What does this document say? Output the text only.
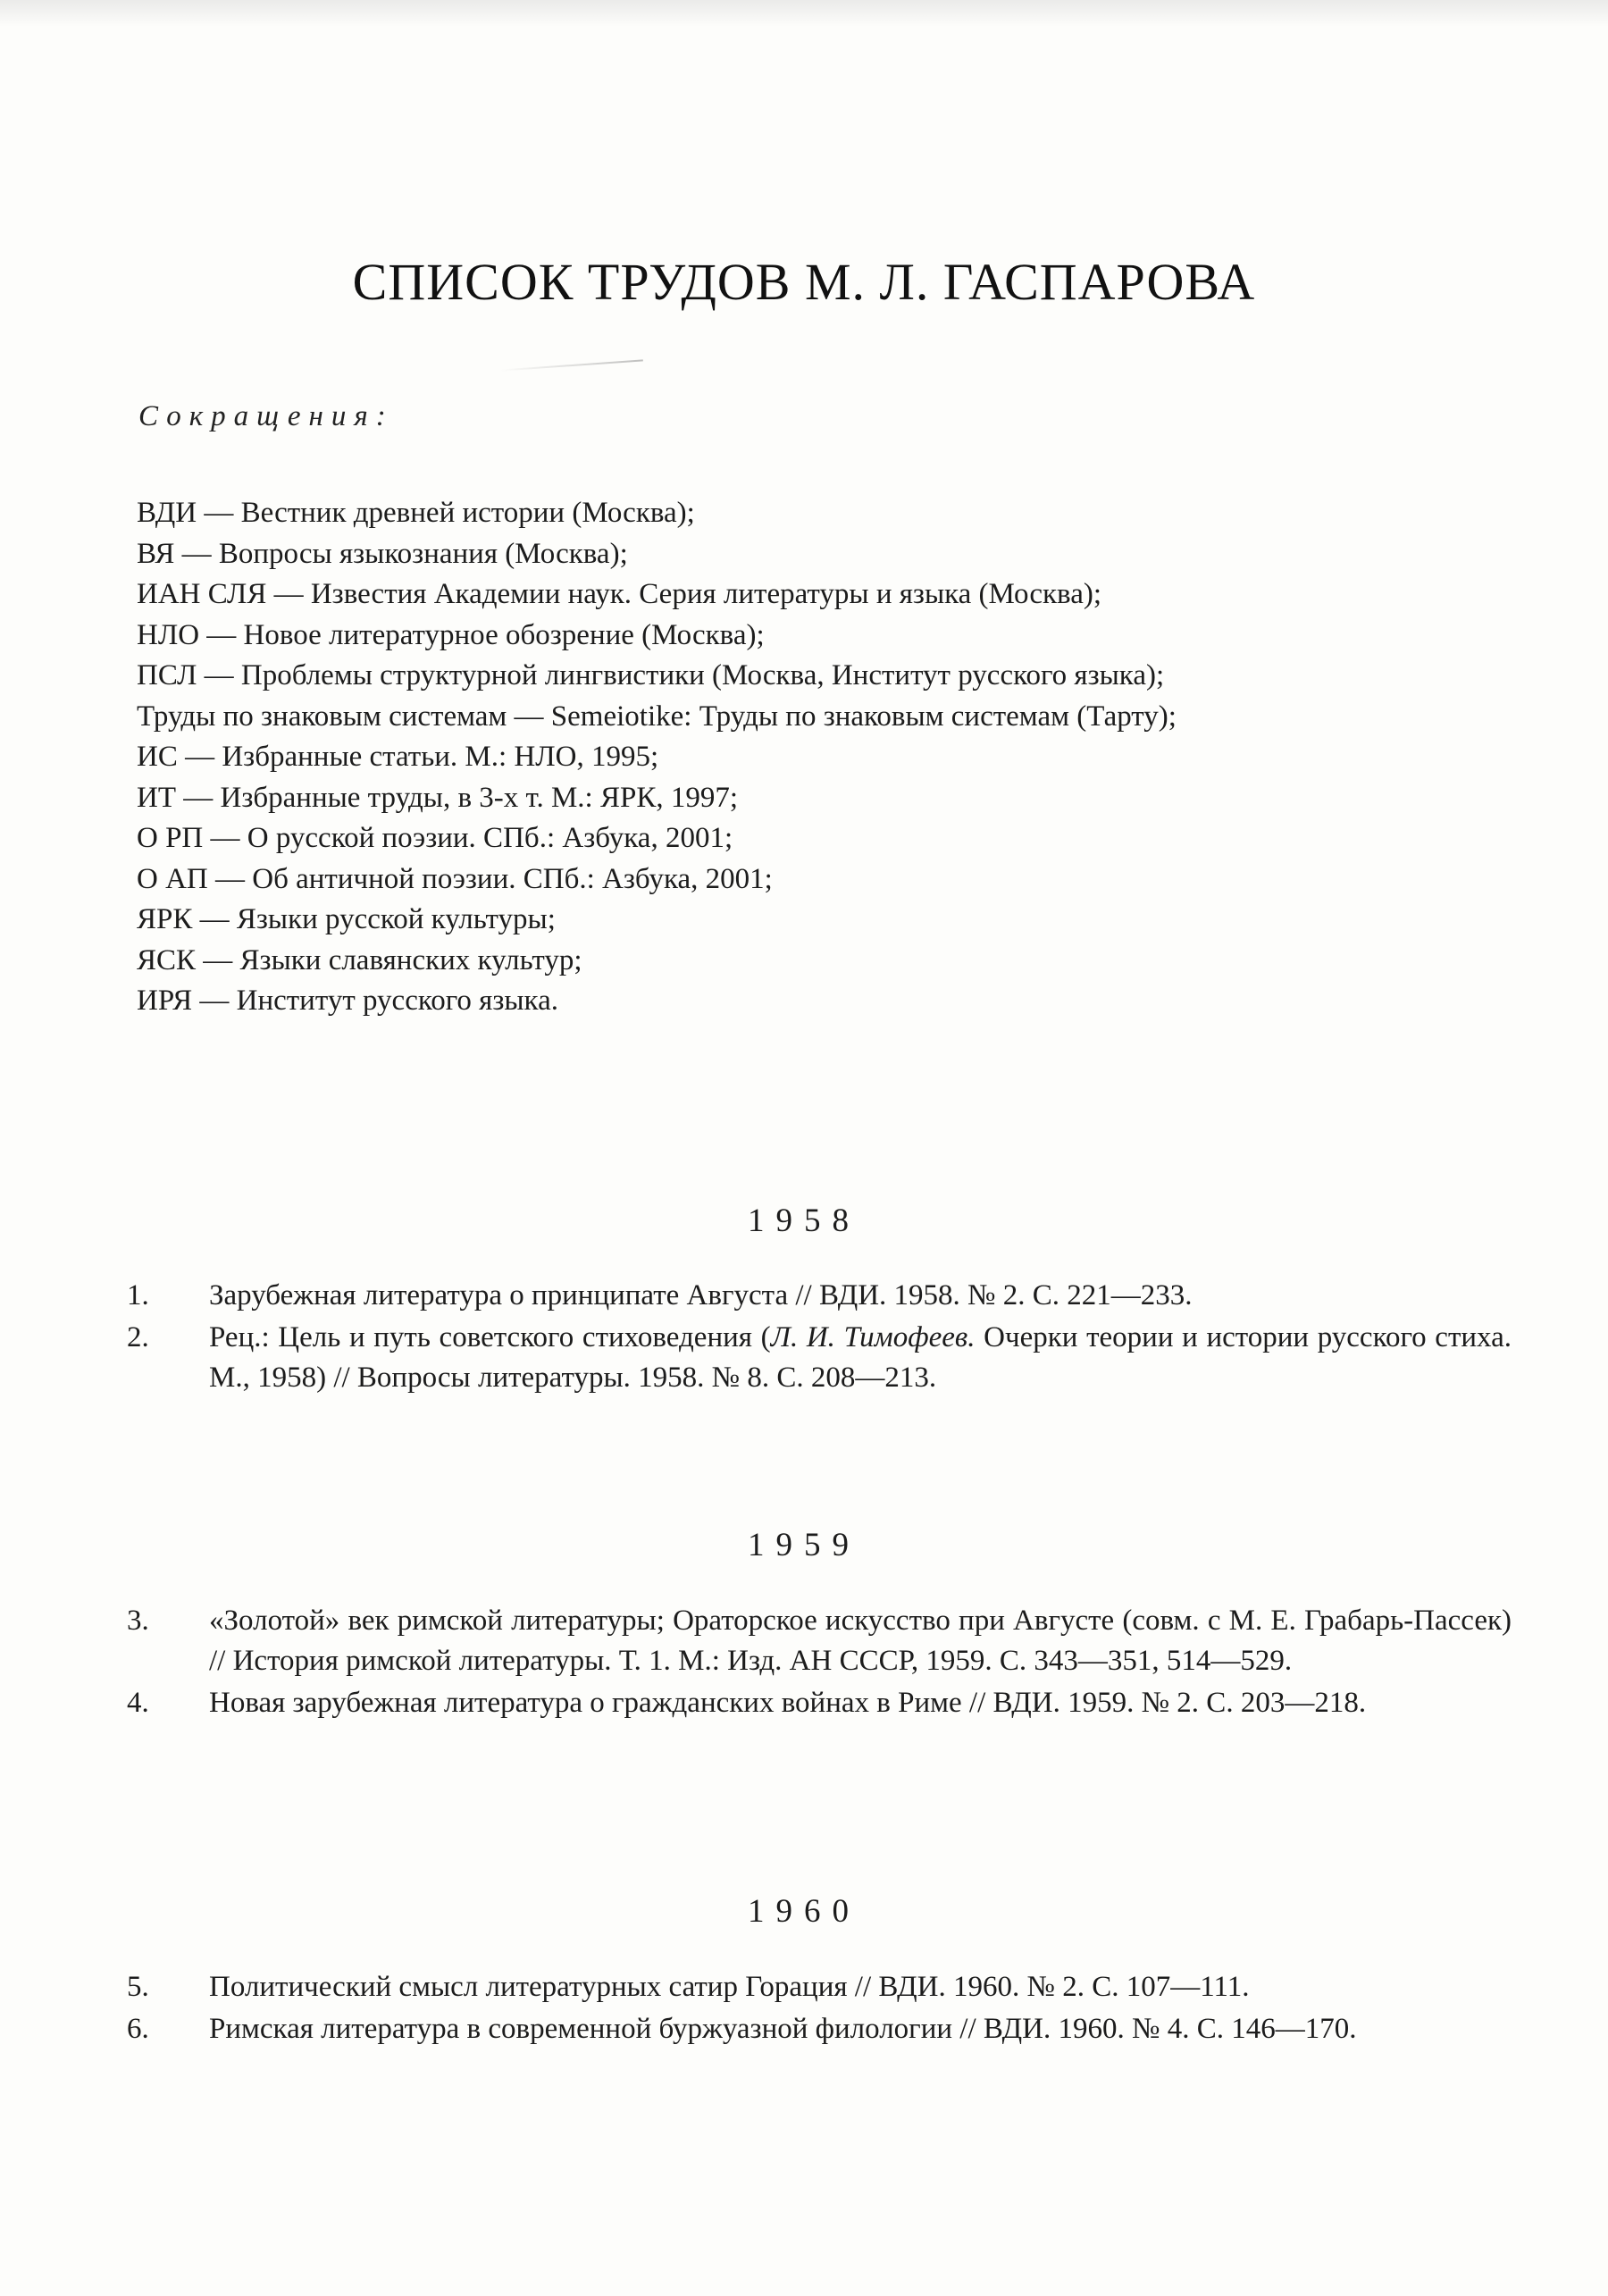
СПИСОК ТРУДОВ М. Л. ГАСПАРОВА

Сокращения:

ВДИ — Вестник древней истории (Москва);
ВЯ — Вопросы языкознания (Москва);
ИАН СЛЯ — Известия Академии наук. Серия литературы и языка (Москва);
НЛО — Новое литературное обозрение (Москва);
ПСЛ — Проблемы структурной лингвистики (Москва, Институт русского языка);
Труды по знаковым системам — Semeiotike: Труды по знаковым системам (Тарту);
ИС — Избранные статьи. М.: НЛО, 1995;
ИТ — Избранные труды, в 3-х т. М.: ЯРК, 1997;
О РП — О русской поэзии. СПб.: Азбука, 2001;
О АП — Об античной поэзии. СПб.: Азбука, 2001;
ЯРК — Языки русской культуры;
ЯСК — Языки славянских культур;
ИРЯ — Институт русского языка.
1958
1. Зарубежная литература о принципате Августа // ВДИ. 1958. № 2. С. 221—233.
2. Рец.: Цель и путь советского стиховедения (Л. И. Тимофеев. Очерки теории и истории русского стиха. М., 1958) // Вопросы литературы. 1958. № 8. С. 208—213.
1959
3. «Золотой» век римской литературы; Ораторское искусство при Августе (совм. с М. Е. Грабарь-Пассек) // История римской литературы. Т. 1. М.: Изд. АН СССР, 1959. С. 343—351, 514—529.
4. Новая зарубежная литература о гражданских войнах в Риме // ВДИ. 1959. № 2. С. 203—218.
1960
5. Политический смысл литературных сатир Горация // ВДИ. 1960. № 2. С. 107—111.
6. Римская литература в современной буржуазной филологии // ВДИ. 1960. № 4. С. 146—170.
